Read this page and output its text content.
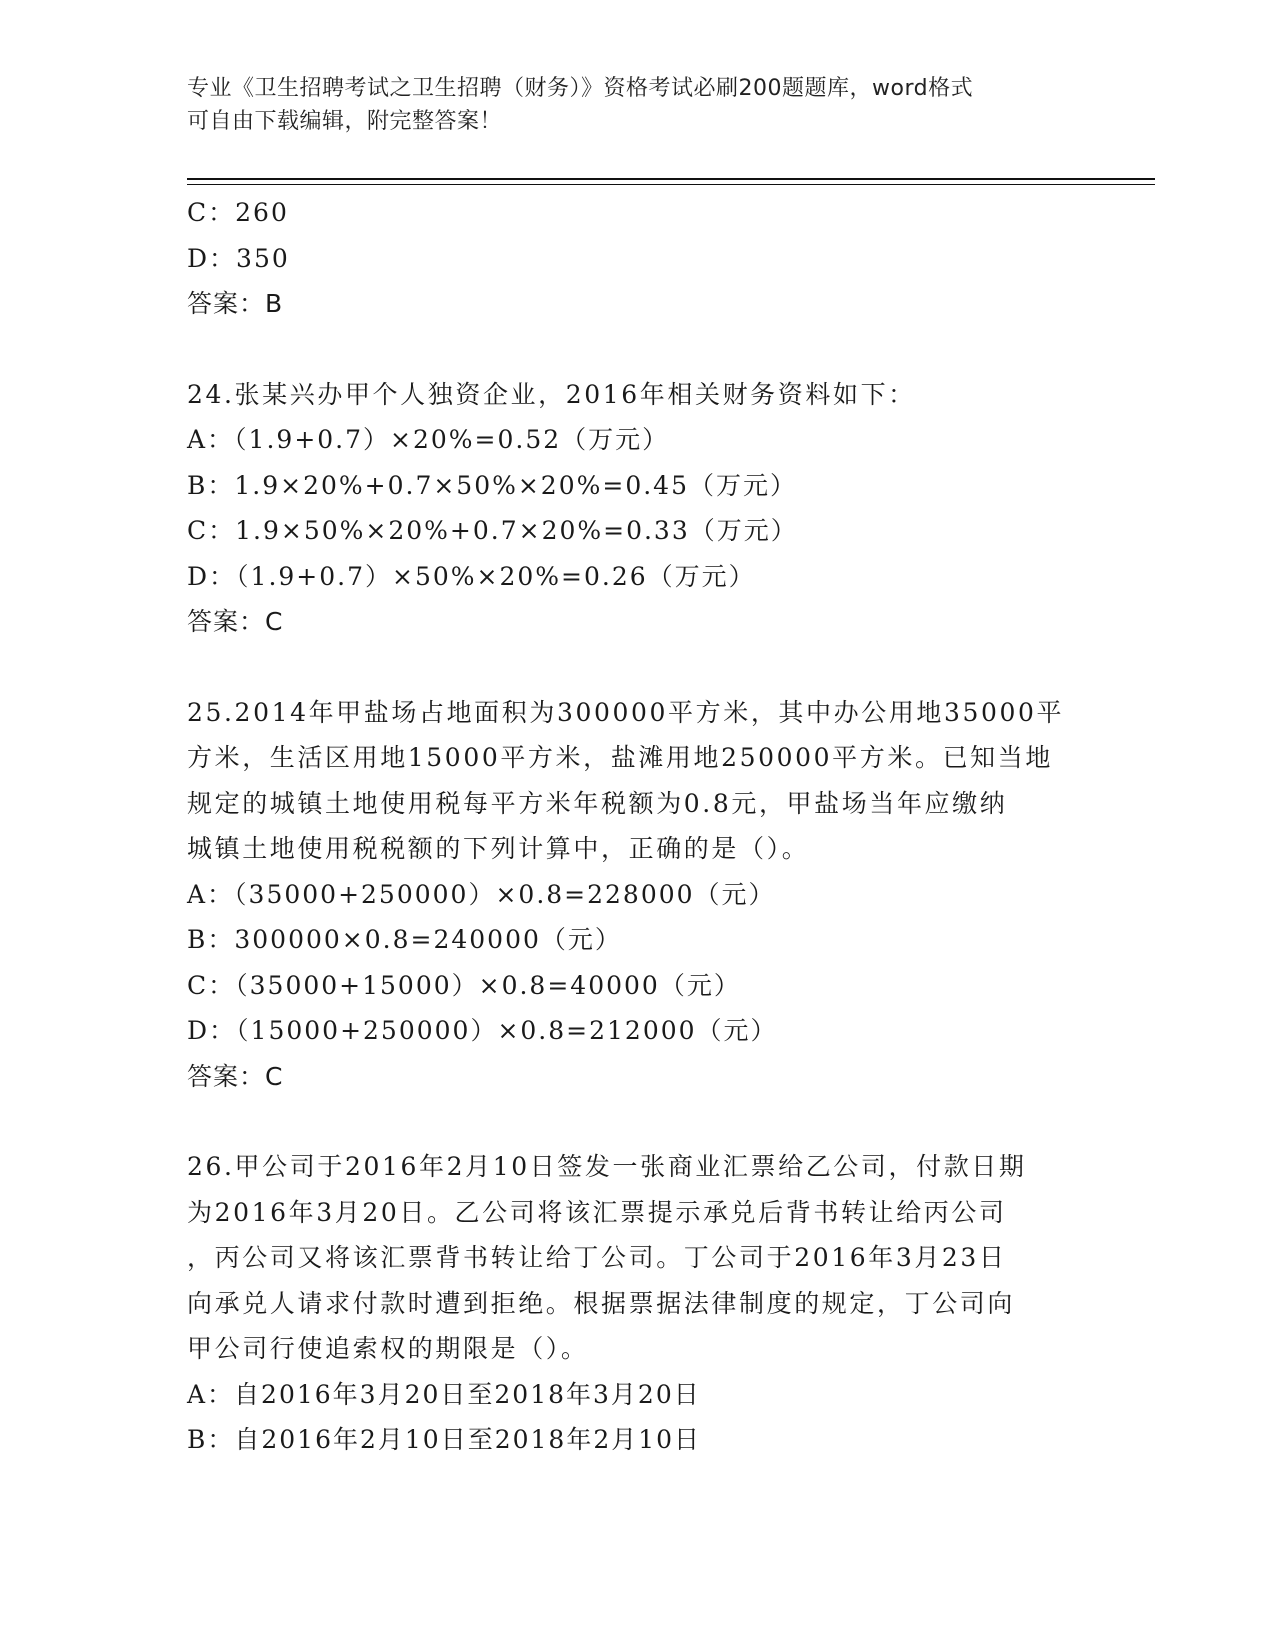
专业《卫生招聘考试之卫生招聘（财务）》资格考试必刷200题题库，word格式
可自由下载编辑，附完整答案！
C：260
D：350
答案：B
24.张某兴办甲个人独资企业，2016年相关财务资料如下：
A：（1.9+0.7）×20%=0.52（万元）
B：1.9×20%+0.7×50%×20%=0.45（万元）
C：1.9×50%×20%+0.7×20%=0.33（万元）
D：（1.9+0.7）×50%×20%=0.26（万元）
答案：C
25.2014年甲盐场占地面积为300000平方米，其中办公用地35000平
方米，生活区用地15000平方米，盐滩用地250000平方米。已知当地
规定的城镇土地使用税每平方米年税额为0.8元，甲盐场当年应缴纳
城镇土地使用税税额的下列计算中，正确的是（）。
A：（35000+250000）×0.8=228000（元）
B：300000×0.8=240000（元）
C：（35000+15000）×0.8=40000（元）
D：（15000+250000）×0.8=212000（元）
答案：C
26.甲公司于2016年2月10日签发一张商业汇票给乙公司，付款日期
为2016年3月20日。乙公司将该汇票提示承兑后背书转让给丙公司
，丙公司又将该汇票背书转让给丁公司。丁公司于2016年3月23日
向承兑人请求付款时遭到拒绝。根据票据法律制度的规定，丁公司向
甲公司行使追索权的期限是（）。
A：自2016年3月20日至2018年3月20日
B：自2016年2月10日至2018年2月10日
